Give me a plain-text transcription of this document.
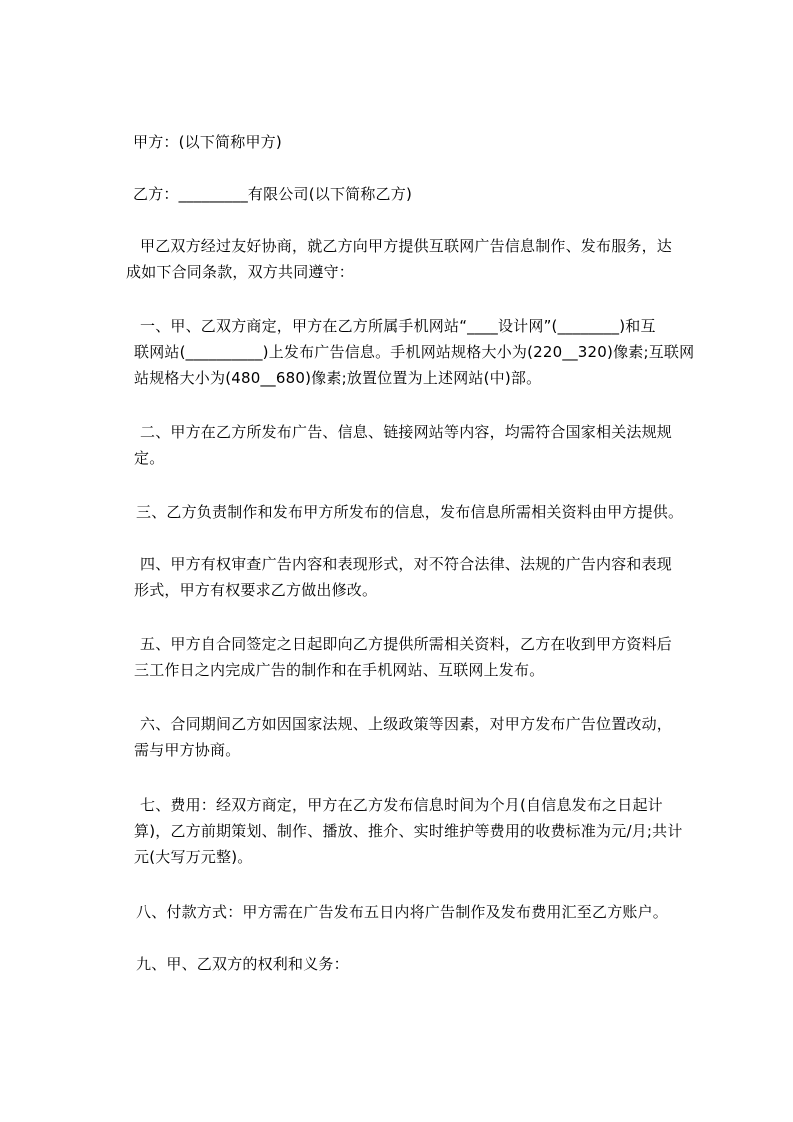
甲方：(以下简称甲方)
乙方：_________有限公司(以下简称乙方)
甲乙双方经过友好协商，就乙方向甲方提供互联网广告信息制作、发布服务，达
成如下合同条款，双方共同遵守：
一、甲、乙双方商定，甲方在乙方所属手机网站“____设计网”(________)和互
联网站(__________)上发布广告信息。手机网站规格大小为(220__320)像素;互联网
站规格大小为(480__680)像素;放置位置为上述网站(中)部。
二、甲方在乙方所发布广告、信息、链接网站等内容，均需符合国家相关法规规
定。
三、乙方负责制作和发布甲方所发布的信息，发布信息所需相关资料由甲方提供。
四、甲方有权审查广告内容和表现形式，对不符合法律、法规的广告内容和表现
形式，甲方有权要求乙方做出修改。
五、甲方自合同签定之日起即向乙方提供所需相关资料，乙方在收到甲方资料后
三工作日之内完成广告的制作和在手机网站、互联网上发布。
六、合同期间乙方如因国家法规、上级政策等因素，对甲方发布广告位置改动，
需与甲方协商。
七、费用：经双方商定，甲方在乙方发布信息时间为个月(自信息发布之日起计
算)，乙方前期策划、制作、播放、推介、实时维护等费用的收费标准为元/月;共计
元(大写万元整)。
八、付款方式：甲方需在广告发布五日内将广告制作及发布费用汇至乙方账户。
九、甲、乙双方的权利和义务：
